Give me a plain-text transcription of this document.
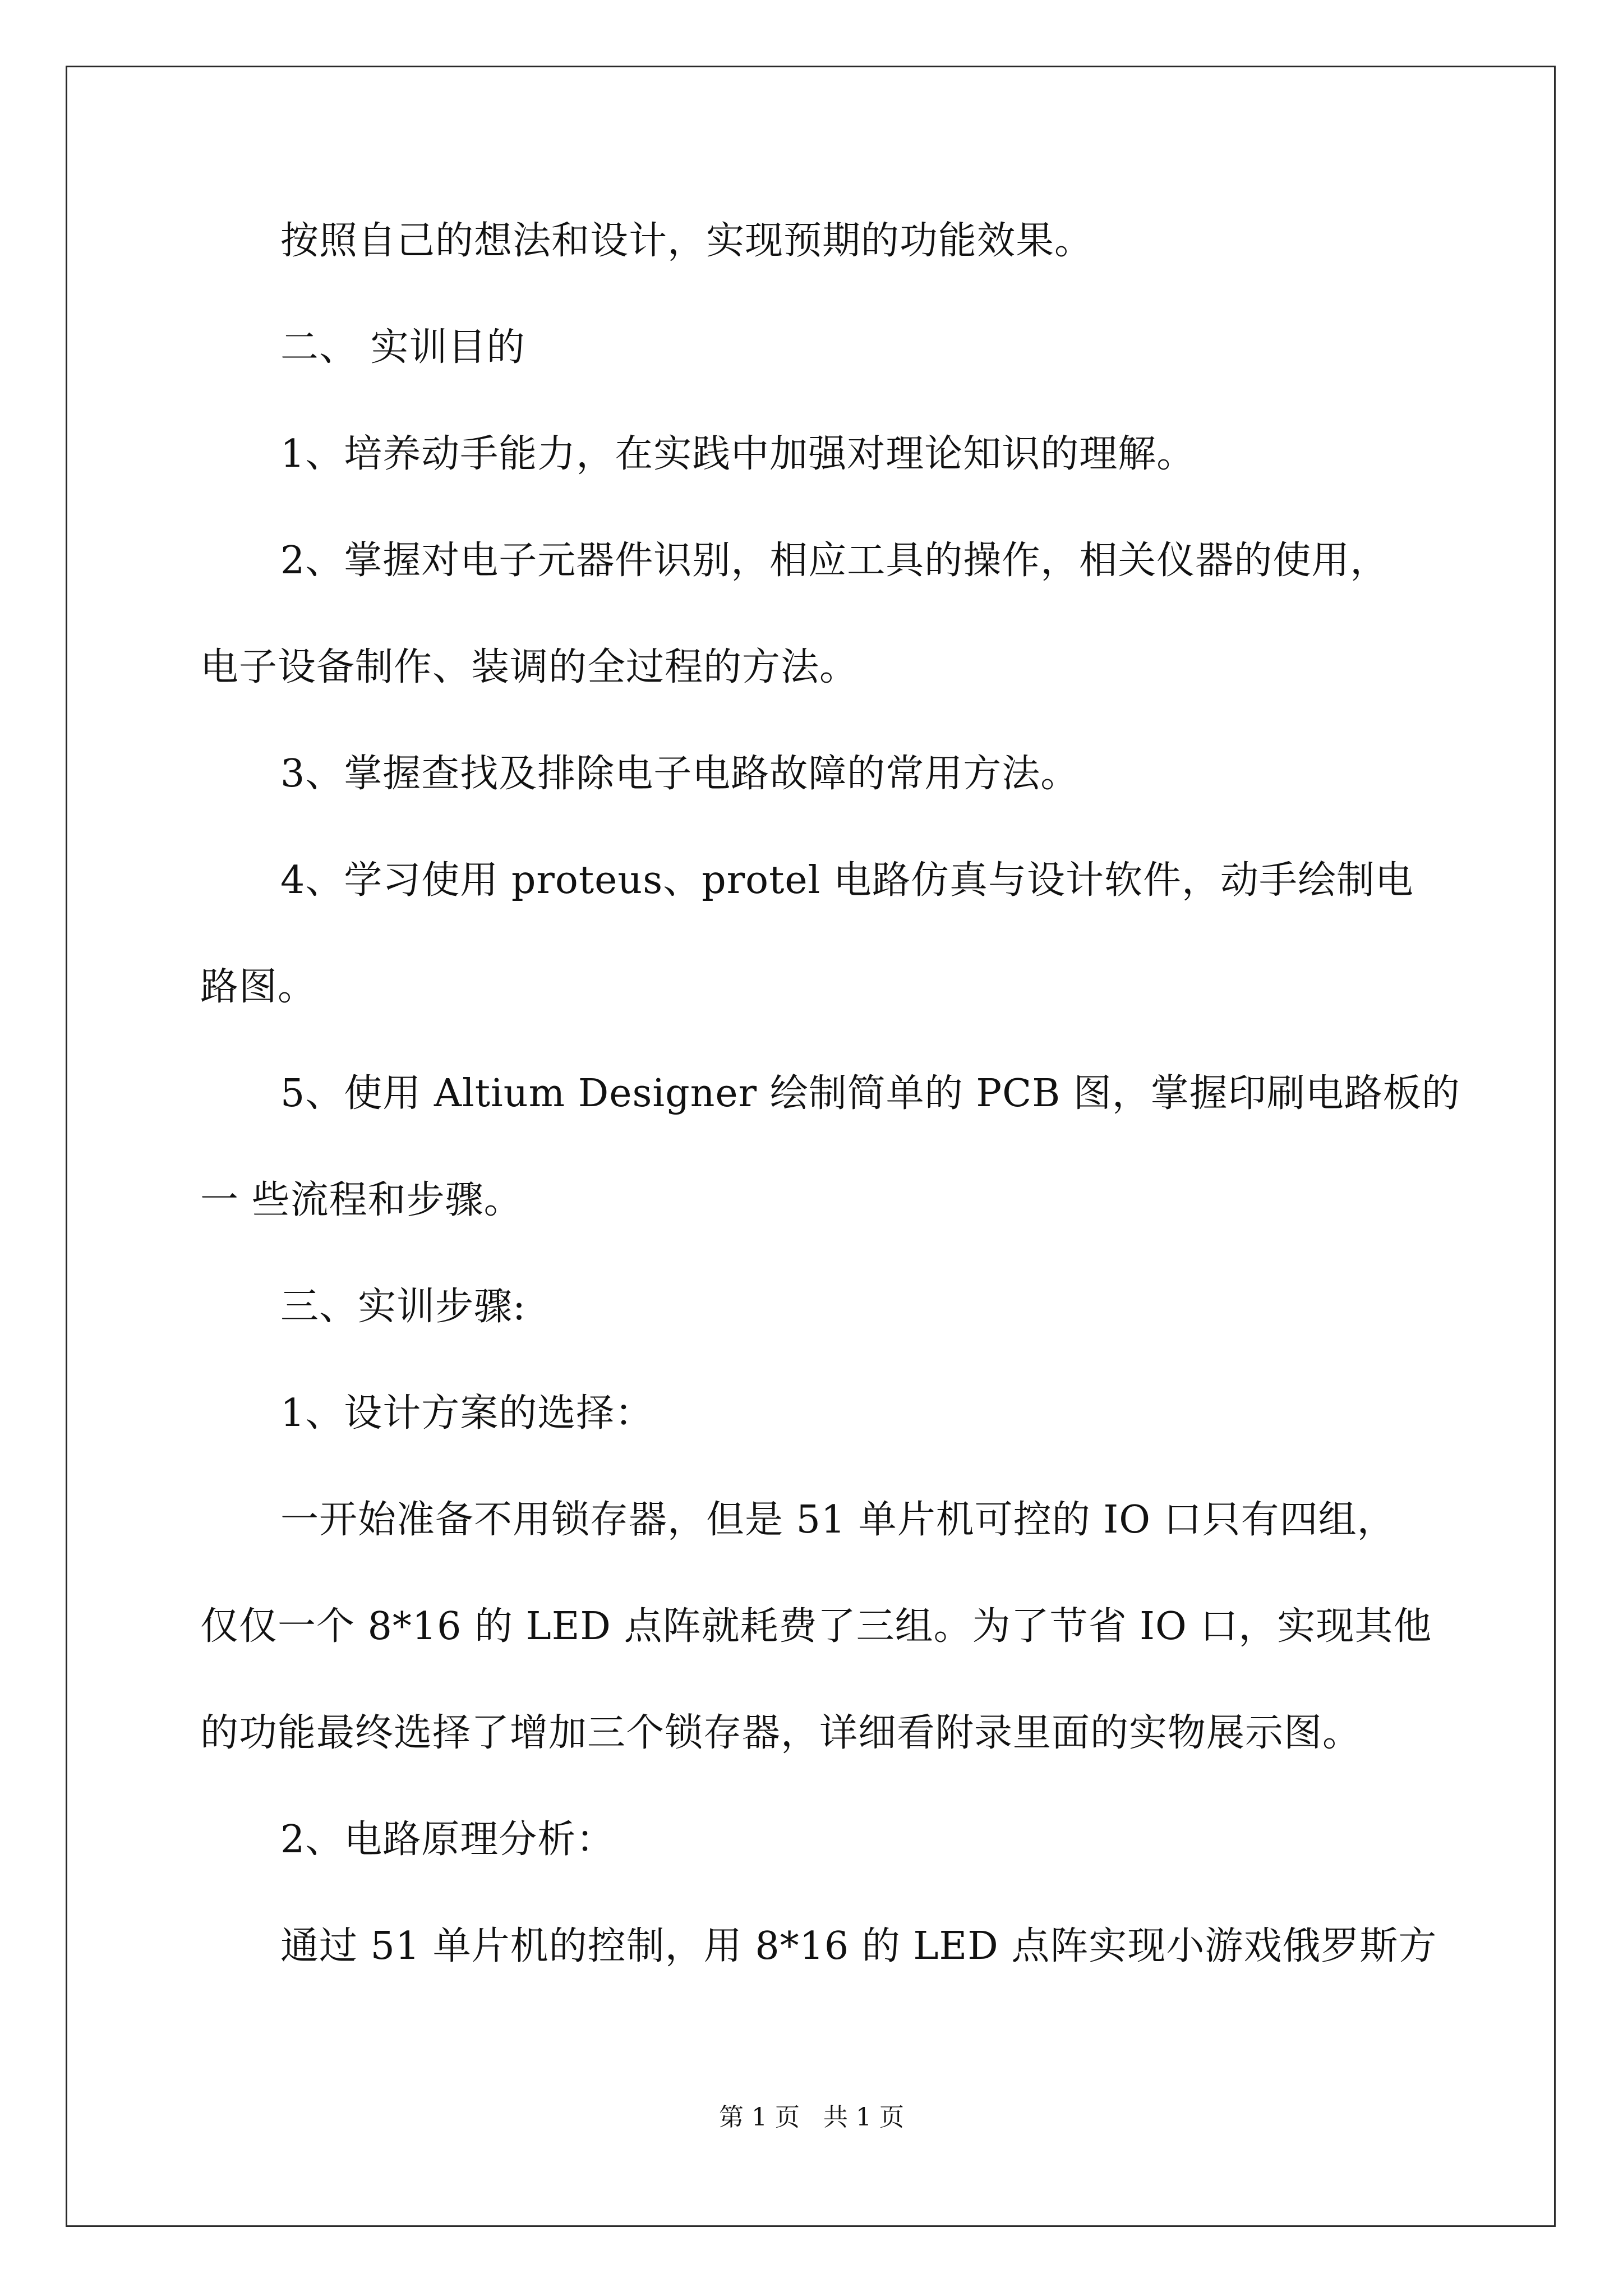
按照自己的想法和设计，实现预期的功能效果。
二、 实训目的
1、培养动手能力，在实践中加强对理论知识的理解。
2、掌握对电子元器件识别，相应工具的操作，相关仪器的使用，
电子设备制作、装调的全过程的方法。
3、掌握查找及排除电子电路故障的常用方法。
4、学习使用 proteus、protel 电路仿真与设计软件，动手绘制电
路图。
5、使用 Altium Designer 绘制简单的 PCB 图，掌握印刷电路板的
一 些流程和步骤。
三、实训步骤:
1、设计方案的选择：
一开始准备不用锁存器，但是 51 单片机可控的 IO 口只有四组，
仅仅一个 8*16 的 LED 点阵就耗费了三组。为了节省 IO 口，实现其他
的功能最终选择了增加三个锁存器，详细看附录里面的实物展示图。
2、电路原理分析：
通过 51 单片机的控制，用 8*16 的 LED 点阵实现小游戏俄罗斯方
第 1 页   共 1 页
